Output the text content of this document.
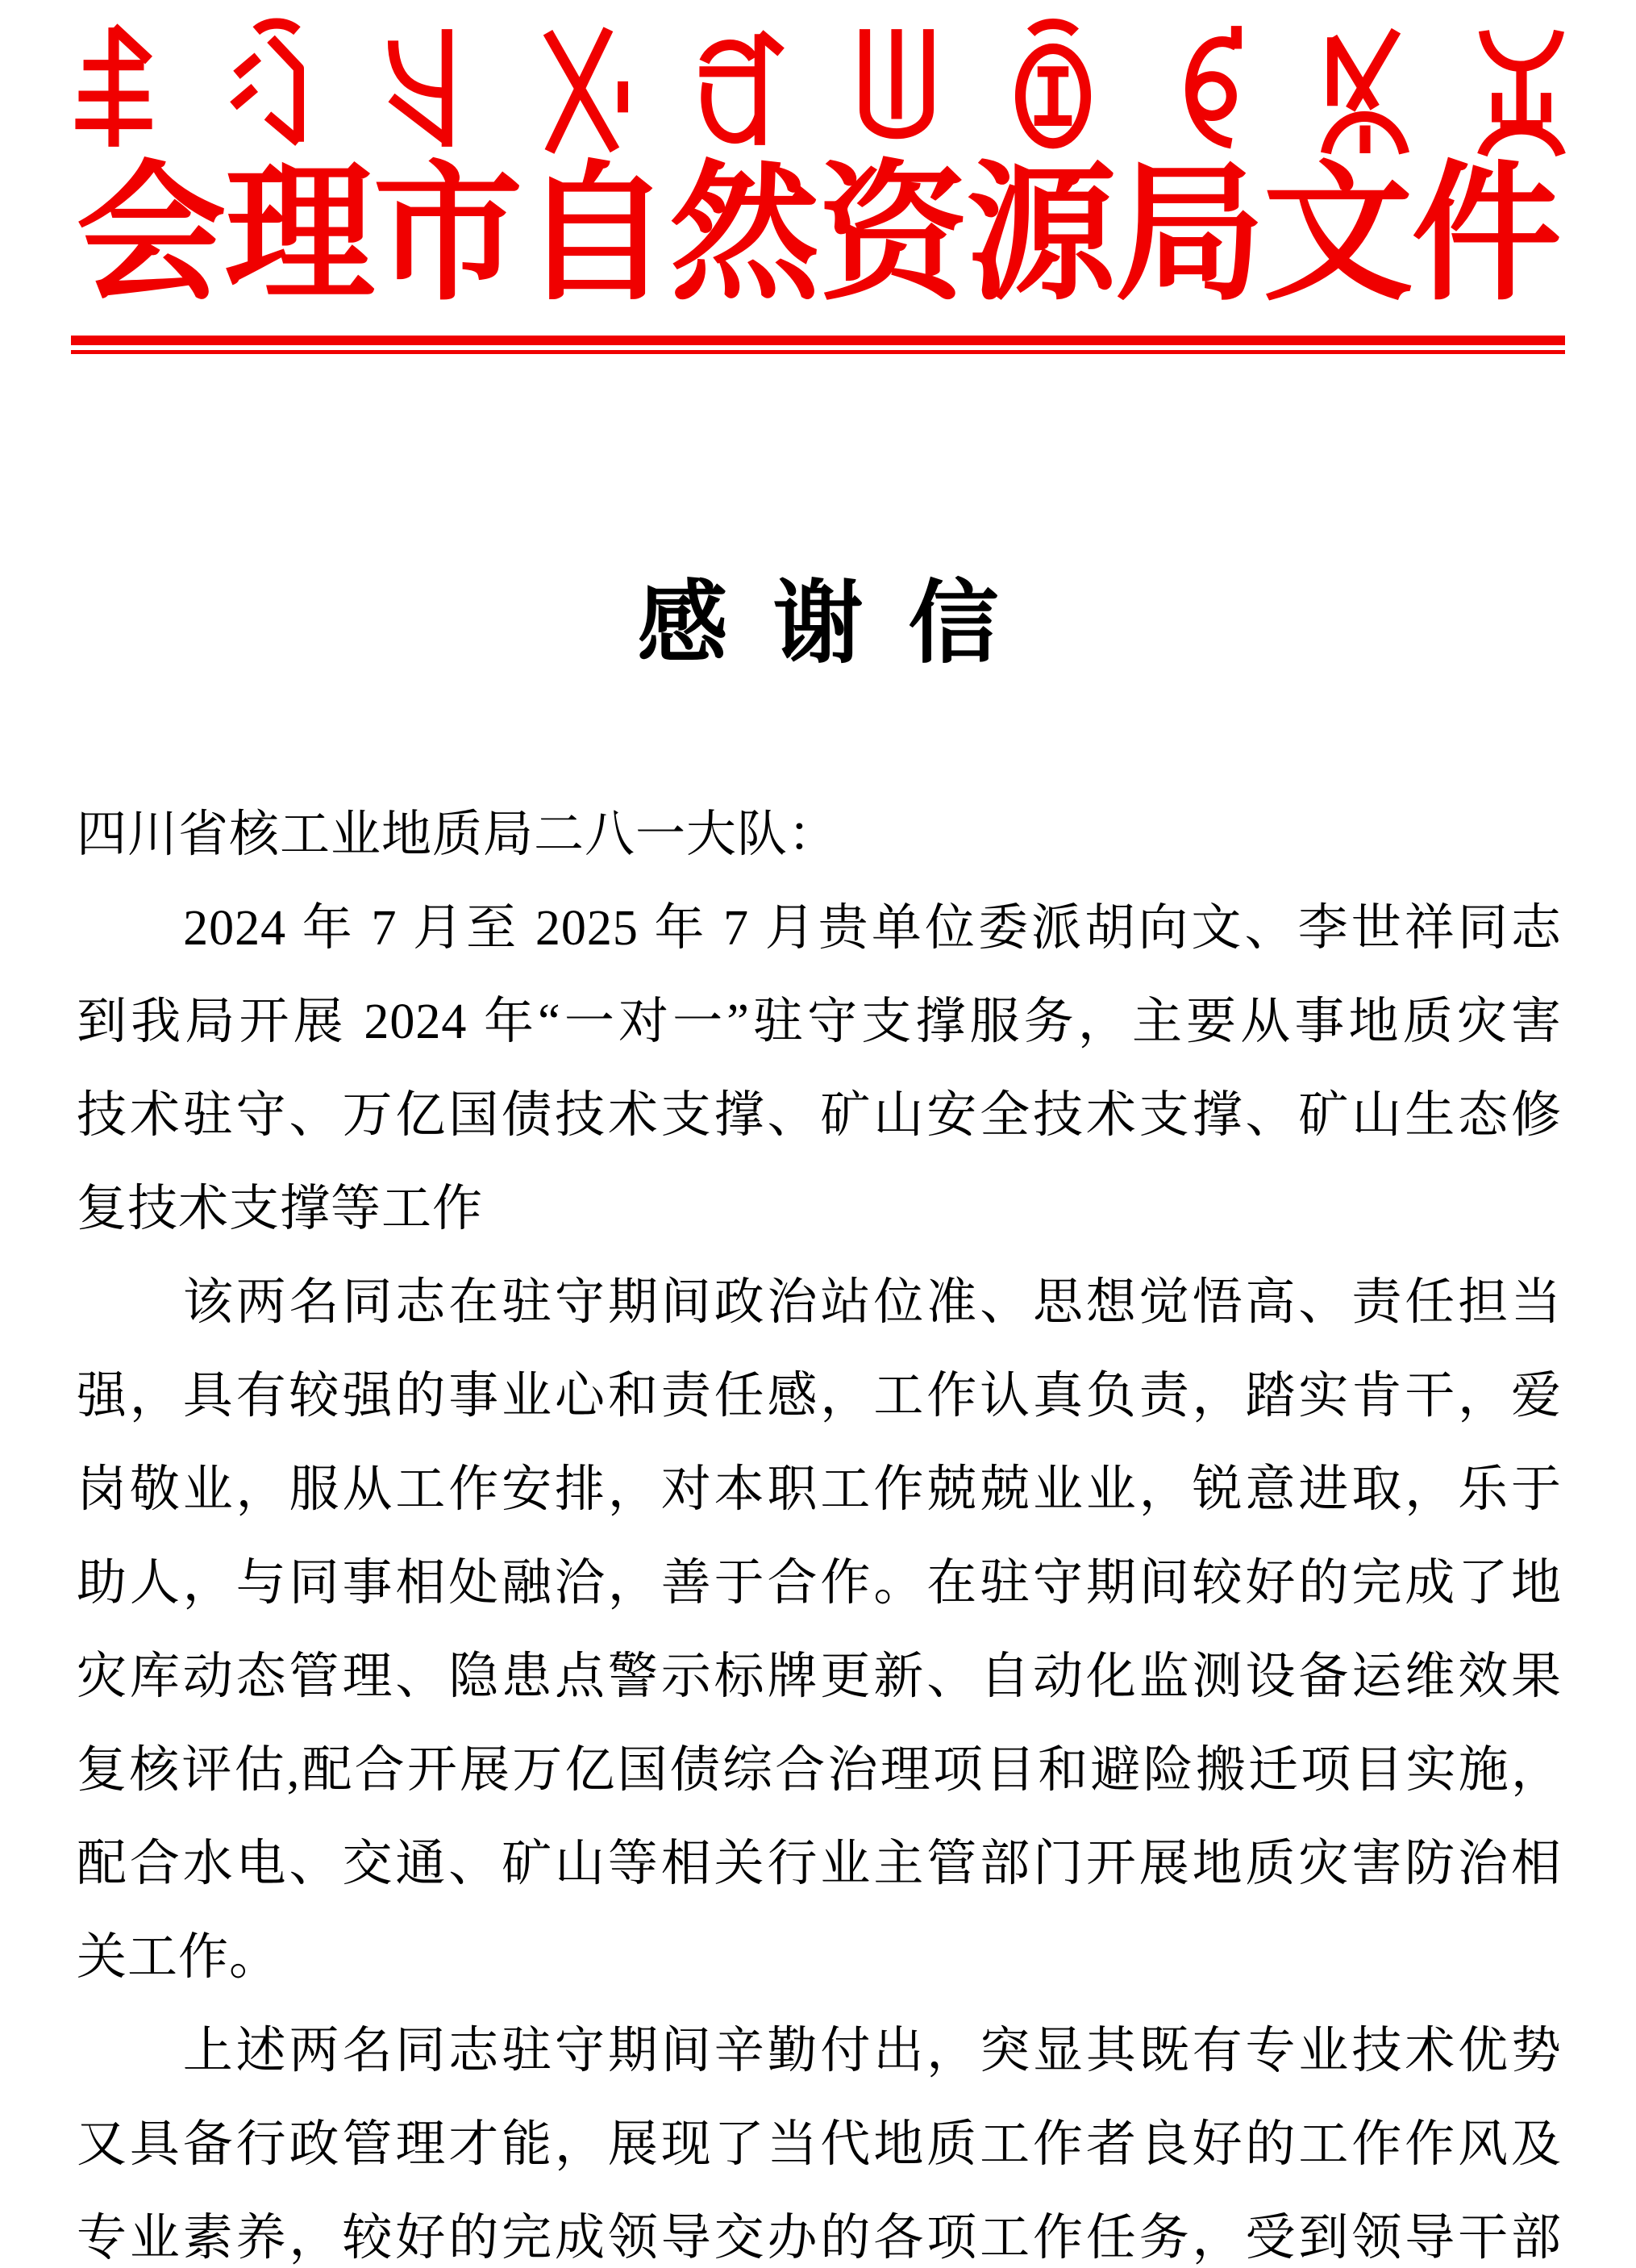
会理市自然资源局文件
感谢信
四川省核工业地质局二八一大队：
　　2024 年 7 月至 2025 年 7 月贵单位委派胡向文、李世祥同志
到我局开展 2024 年“一对一”驻守支撑服务，主要从事地质灾害
技术驻守、万亿国债技术支撑、矿山安全技术支撑、矿山生态修
复技术支撑等工作
　　该两名同志在驻守期间政治站位准、思想觉悟高、责任担当
强，具有较强的事业心和责任感，工作认真负责，踏实肯干，爱
岗敬业，服从工作安排，对本职工作兢兢业业，锐意进取，乐于
助人，与同事相处融洽，善于合作。在驻守期间较好的完成了地
灾库动态管理、隐患点警示标牌更新、自动化监测设备运维效果
复核评估,配合开展万亿国债综合治理项目和避险搬迁项目实施，
配合水电、交通、矿山等相关行业主管部门开展地质灾害防治相
关工作。
　　上述两名同志驻守期间辛勤付出，突显其既有专业技术优势
又具备行政管理才能，展现了当代地质工作者良好的工作作风及
专业素养，较好的完成领导交办的各项工作任务，受到领导干部
